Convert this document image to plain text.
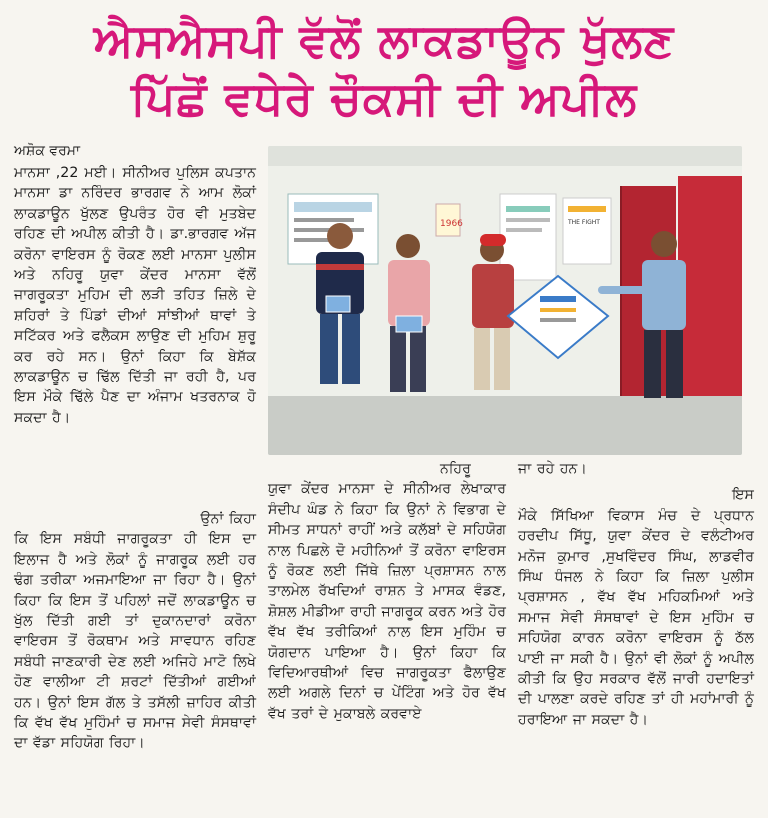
ਐਸਐਸਪੀ ਵੱਲੋਂ ਲਾਕਡਾਊਨ ਖੁੱਲਣ
ਪਿੱਛੋਂ ਵਧੇਰੇ ਚੌਕਸੀ ਦੀ ਅਪੀਲ
ਅਸ਼ੋਕ ਵਰਮਾ

ਮਾਨਸਾ ,22 ਮਈ। ਸੀਨੀਅਰ ਪੁਲਿਸ ਕਪਤਾਨ ਮਾਨਸਾ ਡਾ ਨਰਿੰਦਰ ਭਾਰਗਵ ਨੇ ਆਮ ਲੋਕਾਂ ਲਾਕਡਾਊਨ ਖੁੱਲਣ ਉਪਰੰਤ ਹੋਰ ਵੀ ਮੁਤਬੇਦ ਰਹਿਣ ਦੀ ਅਪੀਲ ਕੀਤੀ ਹੈ। ਡਾ.ਭਾਰਗਵ ਅੱਜ ਕਰੋਨਾ ਵਾਇਰਸ ਨੂੰ ਰੋਕਣ ਲਈ ਮਾਨਸਾ ਪੁਲੀਸ ਅਤੇ ਨਹਿਰੂ ਯੁਵਾ ਕੇਂਦਰ ਮਾਨਸਾ ਵੱਲੋਂ ਜਾਗਰੂਕਤਾ ਮੁਹਿਮ ਦੀ ਲੜੀ ਤਹਿਤ ਜ਼ਿਲੇ ਦੇ ਸ਼ਹਿਰਾਂ ਤੇ ਪਿੰਡਾਂ ਦੀਆਂ ਸਾਂਝੀਆਂ ਥਾਵਾਂ ਤੇ ਸਟਿੱਕਰ ਅਤੇ ਫਲੈਕਸ ਲਾਉਣ ਦੀ ਮੁਹਿਮ ਸ਼ੁਰੂ ਕਰ ਰਹੇ ਸਨ। ਉਨਾਂ ਕਿਹਾ ਕਿ ਬੇਸ਼ੱਕ ਲਾਕਡਾਊਨ ਚ ਢਿੱਲ ਦਿੱਤੀ ਜਾ ਰਹੀ ਹੈ, ਪਰ ਇਸ ਮੌਕੇ ਢਿੱਲੇ ਪੈਣ ਦਾ ਅੰਜਾਮ ਖਤਰਨਾਕ ਹੋ ਸਕਦਾ ਹੈ।

ਉਨਾਂ ਕਿਹਾ

ਕਿ ਇਸ ਸਬੰਧੀ ਜਾਗਰੂਕਤਾ ਹੀ ਇਸ ਦਾ ਇਲਾਜ ਹੈ ਅਤੇ ਲੋਕਾਂ ਨੂੰ ਜਾਗਰੂਕ ਲਈ ਹਰ ਢੰਗ ਤਰੀਕਾ ਅਜਮਾਇਆ ਜਾ ਰਿਹਾ ਹੈ। ਉਨਾਂ ਕਿਹਾ ਕਿ ਇਸ ਤੋਂ ਪਹਿਲਾਂ ਜਦੋਂ ਲਾਕਡਾਊਨ ਚ ਖੁੱਲ ਦਿੱਤੀ ਗਈ ਤਾਂ ਦੁਕਾਨਦਾਰਾਂ ਕਰੋਨਾ ਵਾਇਰਸ ਤੋਂ ਰੋਕਥਾਮ ਅਤੇ ਸਾਵਧਾਨ ਰਹਿਣ ਸਬੰਧੀ ਜਾਣਕਾਰੀ ਦੇਣ ਲਈ ਅਜਿਹੇ ਮਾਟੋ ਲਿਖੇ ਹੋਣ ਵਾਲੀਆ ਟੀ ਸ਼ਰਟਾਂ ਦਿੱਤੀਆਂ ਗਈਆਂ ਹਨ। ਉਨਾਂ ਇਸ ਗੱਲ ਤੇ ਤਸੱਲੀ ਜ਼ਾਹਿਰ ਕੀਤੀ ਕਿ ਵੱਖ ਵੱਖ ਮੁਹਿੰਮਾਂ ਚ ਸਮਾਜ ਸੇਵੀ ਸੰਸਥਾਵਾਂ ਦਾ ਵੱਡਾ ਸਹਿਯੋਗ ਰਿਹਾ।

1966	THE FIGHT

ਨਹਿਰੂ

ਯੁਵਾ ਕੇਂਦਰ ਮਾਨਸਾ ਦੇ ਸੀਨੀਅਰ ਲੇਖਾਕਾਰ ਸੰਦੀਪ ਘੰਡ ਨੇ ਕਿਹਾ ਕਿ ਉਨਾਂ ਨੇ ਵਿਭਾਗ ਦੇ ਸੀਮਤ ਸਾਧਨਾਂ ਰਾਹੀਂ ਅਤੇ ਕਲੱਬਾਂ ਦੇ ਸਹਿਯੋਗ ਨਾਲ ਪਿਛਲੇ ਦੋ ਮਹੀਨਿਆਂ ਤੋਂ ਕਰੋਨਾ ਵਾਇਰਸ ਨੂੰ ਰੋਕਣ ਲਈ ਜਿੱਥੇ ਜ਼ਿਲਾ ਪ੍ਰਸ਼ਾਸਨ ਨਾਲ ਤਾਲਮੇਲ ਰੱਖਦਿਆਂ ਰਾਸ਼ਨ ਤੇ ਮਾਸਕ ਵੰਡਣ, ਸ਼ੋਸ਼ਲ ਮੀਡੀਆ ਰਾਹੀ ਜਾਗਰੂਕ ਕਰਨ ਅਤੇ ਹੋਰ ਵੱਖ ਵੱਖ ਤਰੀਕਿਆਂ ਨਾਲ ਇਸ ਮੁਹਿੰਮ ਚ ਯੋਗਦਾਨ ਪਾਇਆ ਹੈ। ਉਨਾਂ ਕਿਹਾ ਕਿ ਵਿਦਿਆਰਥੀਆਂ ਵਿਚ ਜਾਗਰੂਕਤਾ ਫੈਲਾਉਣ ਲਈ ਅਗਲੇ ਦਿਨਾਂ ਚ ਪੇਂਟਿੰਗ ਅਤੇ ਹੋਰ ਵੱਖ ਵੱਖ ਤਰਾਂ ਦੇ ਮੁਕਾਬਲੇ ਕਰਵਾਏ

ਜਾ ਰਹੇ ਹਨ।

ਇਸ

ਮੌਕੇ ਸਿੱਖਿਆ ਵਿਕਾਸ ਮੰਚ ਦੇ ਪ੍ਰਧਾਨ ਹਰਦੀਪ ਸਿੱਧੂ, ਯੁਵਾ ਕੇਂਦਰ ਦੇ ਵਲੰਟੀਅਰ ਮਨੋਜ ਕੁਮਾਰ ,ਸੁਖਵਿੰਦਰ ਸਿੰਘ, ਲਾਡਵੀਰ ਸਿੰਘ ਧੰਜਲ ਨੇ ਕਿਹਾ ਕਿ ਜ਼ਿਲਾ ਪੁਲੀਸ ਪ੍ਰਸ਼ਾਸਨ , ਵੱਖ ਵੱਖ ਮਹਿਕਮਿਆਂ ਅਤੇ ਸਮਾਜ ਸੇਵੀ ਸੰਸਥਾਵਾਂ ਦੇ ਇਸ ਮੁਹਿੰਮ ਚ ਸਹਿਯੋਗ ਕਾਰਨ ਕਰੋਨਾ ਵਾਇਰਸ ਨੂੰ ਠੱਲ ਪਾਈ ਜਾ ਸਕੀ ਹੈ। ਉਨਾਂ ਵੀ ਲੋਕਾਂ ਨੂੰ ਅਪੀਲ ਕੀਤੀ ਕਿ ਉਹ ਸਰਕਾਰ ਵੱਲੋਂ ਜਾਰੀ ਹਦਾਇਤਾਂ ਦੀ ਪਾਲਣਾ ਕਰਦੇ ਰਹਿਣ ਤਾਂ ਹੀ ਮਹਾਂਮਾਰੀ ਨੂੰ ਹਰਾਇਆ ਜਾ ਸਕਦਾ ਹੈ।
